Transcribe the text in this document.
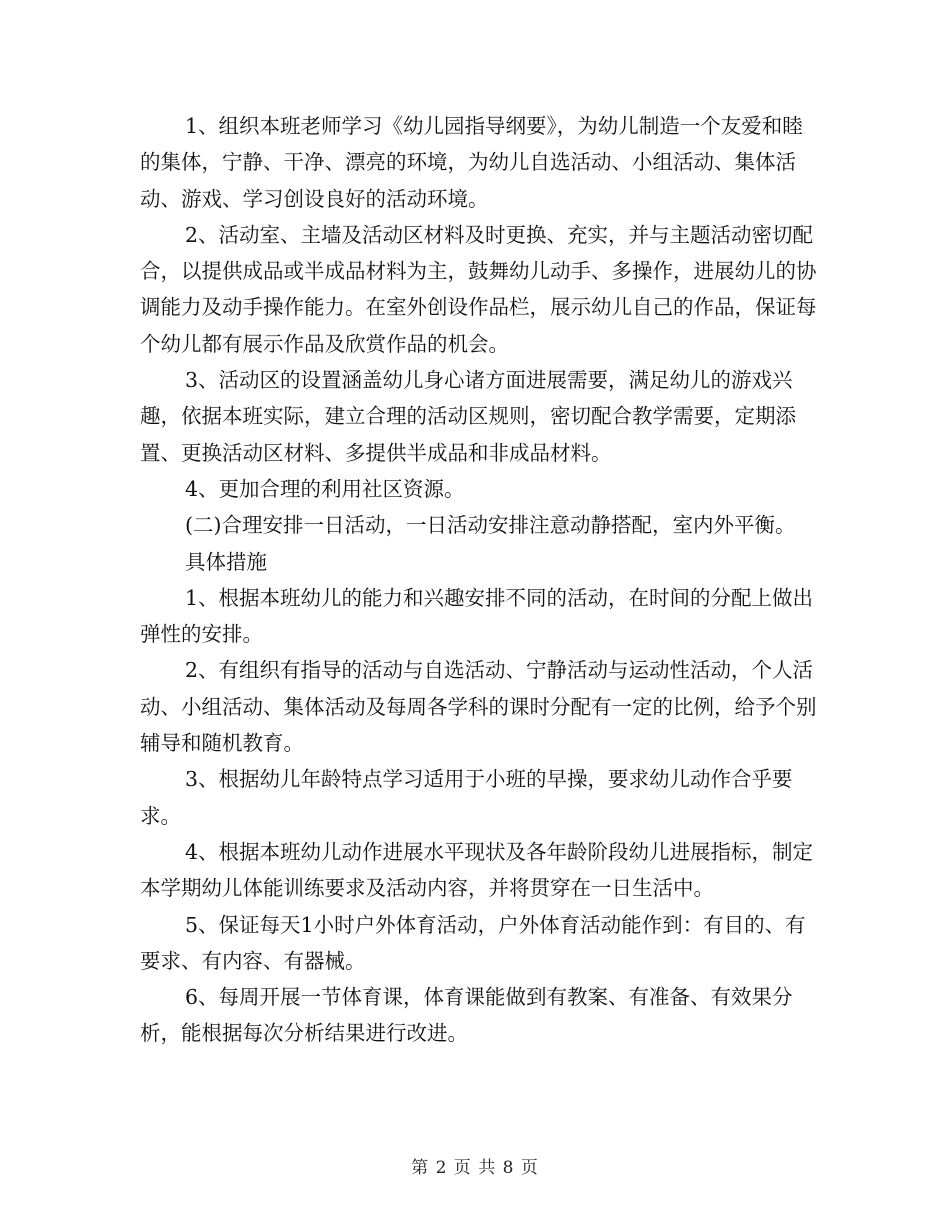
1、组织本班老师学习《幼儿园指导纲要》，为幼儿制造一个友爱和睦的集体，宁静、干净、漂亮的环境，为幼儿自选活动、小组活动、集体活动、游戏、学习创设良好的活动环境。

2、活动室、主墙及活动区材料及时更换、充实，并与主题活动密切配合，以提供成品或半成品材料为主，鼓舞幼儿动手、多操作，进展幼儿的协调能力及动手操作能力。在室外创设作品栏，展示幼儿自己的作品，保证每个幼儿都有展示作品及欣赏作品的机会。

3、活动区的设置涵盖幼儿身心诸方面进展需要，满足幼儿的游戏兴趣，依据本班实际，建立合理的活动区规则，密切配合教学需要，定期添置、更换活动区材料、多提供半成品和非成品材料。

4、更加合理的利用社区资源。

(二)合理安排一日活动，一日活动安排注意动静搭配，室内外平衡。

具体措施

1、根据本班幼儿的能力和兴趣安排不同的活动，在时间的分配上做出弹性的安排。

2、有组织有指导的活动与自选活动、宁静活动与运动性活动，个人活动、小组活动、集体活动及每周各学科的课时分配有一定的比例，给予个别辅导和随机教育。

3、根据幼儿年龄特点学习适用于小班的早操，要求幼儿动作合乎要求。

4、根据本班幼儿动作进展水平现状及各年龄阶段幼儿进展指标，制定本学期幼儿体能训练要求及活动内容，并将贯穿在一日生活中。

5、保证每天1小时户外体育活动，户外体育活动能作到：有目的、有要求、有内容、有器械。

6、每周开展一节体育课，体育课能做到有教案、有准备、有效果分析，能根据每次分析结果进行改进。

第 2 页 共 8 页
